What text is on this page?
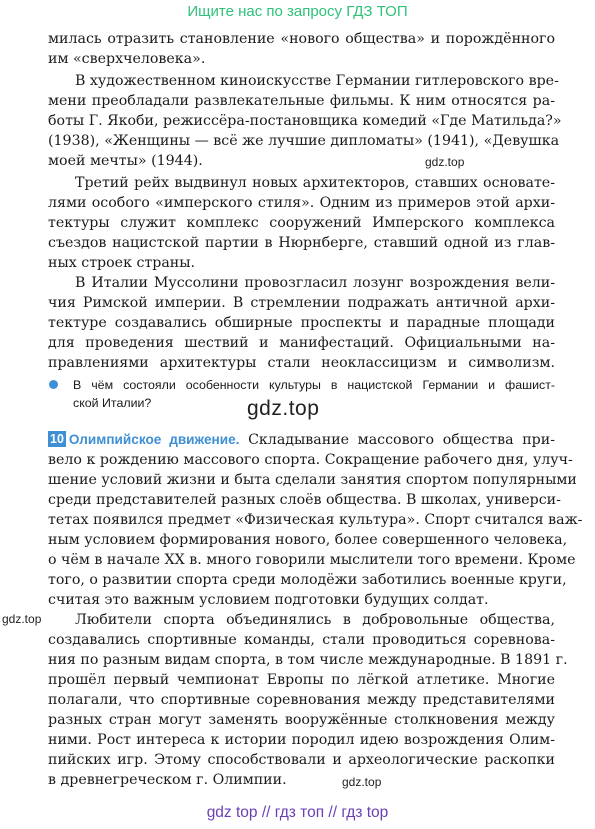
Ищите нас по запросу ГДЗ ТОП
милась отразить становление «нового общества» и порождённого
им «сверхчеловека».
В художественном киноискусстве Германии гитлеровского вре-
мени преобладали развлекательные фильмы. К ним относятся ра-
боты Г. Якоби, режиссёра-постановщика комедий «Где Матильда?»
(1938), «Женщины — всё же лучшие дипломаты» (1941), «Девушка
моей мечты» (1944).	gdz.top
Третий рейх выдвинул новых архитекторов, ставших основате-
лями особого «имперского стиля». Одним из примеров этой архи-
тектуры служит комплекс сооружений Имперского комплекса
съездов нацистской партии в Нюрнберге, ставший одной из глав-
ных строек страны.
В Италии Муссолини провозгласил лозунг возрождения вели-
чия Римской империи. В стремлении подражать античной архи-
тектуре создавались обширные проспекты и парадные площади
для проведения шествий и манифестаций. Официальными на-
правлениями архитектуры стали неоклассицизм и символизм.
В чём состояли особенности культуры в нацистской Германии и фашист-
ской Италии?	gdz.top
10 Олимпийское движение. Складывание массового общества при-
вело к рождению массового спорта. Сокращение рабочего дня, улуч-
шение условий жизни и быта сделали занятия спортом популярными
среди представителей разных слоёв общества. В школах, универси-
тетах появился предмет «Физическая культура». Спорт считался важ-
ным условием формирования нового, более совершенного человека,
о чём в начале XX в. много говорили мыслители того времени. Кроме
того, о развитии спорта среди молодёжи заботились военные круги,
считая это важным условием подготовки будущих солдат.
gdz.top Любители спорта объединялись в добровольные общества,
создавались спортивные команды, стали проводиться соревнова-
ния по разным видам спорта, в том числе международные. В 1891 г.
прошёл первый чемпионат Европы по лёгкой атлетике. Многие
полагали, что спортивные соревнования между представителями
разных стран могут заменять вооружённые столкновения между
ними. Рост интереса к истории породил идею возрождения Олим-
пийских игр. Этому способствовали и археологические раскопки
в древнегреческом г. Олимпии.	gdz.top
gdz top // гдз топ // гдз top
